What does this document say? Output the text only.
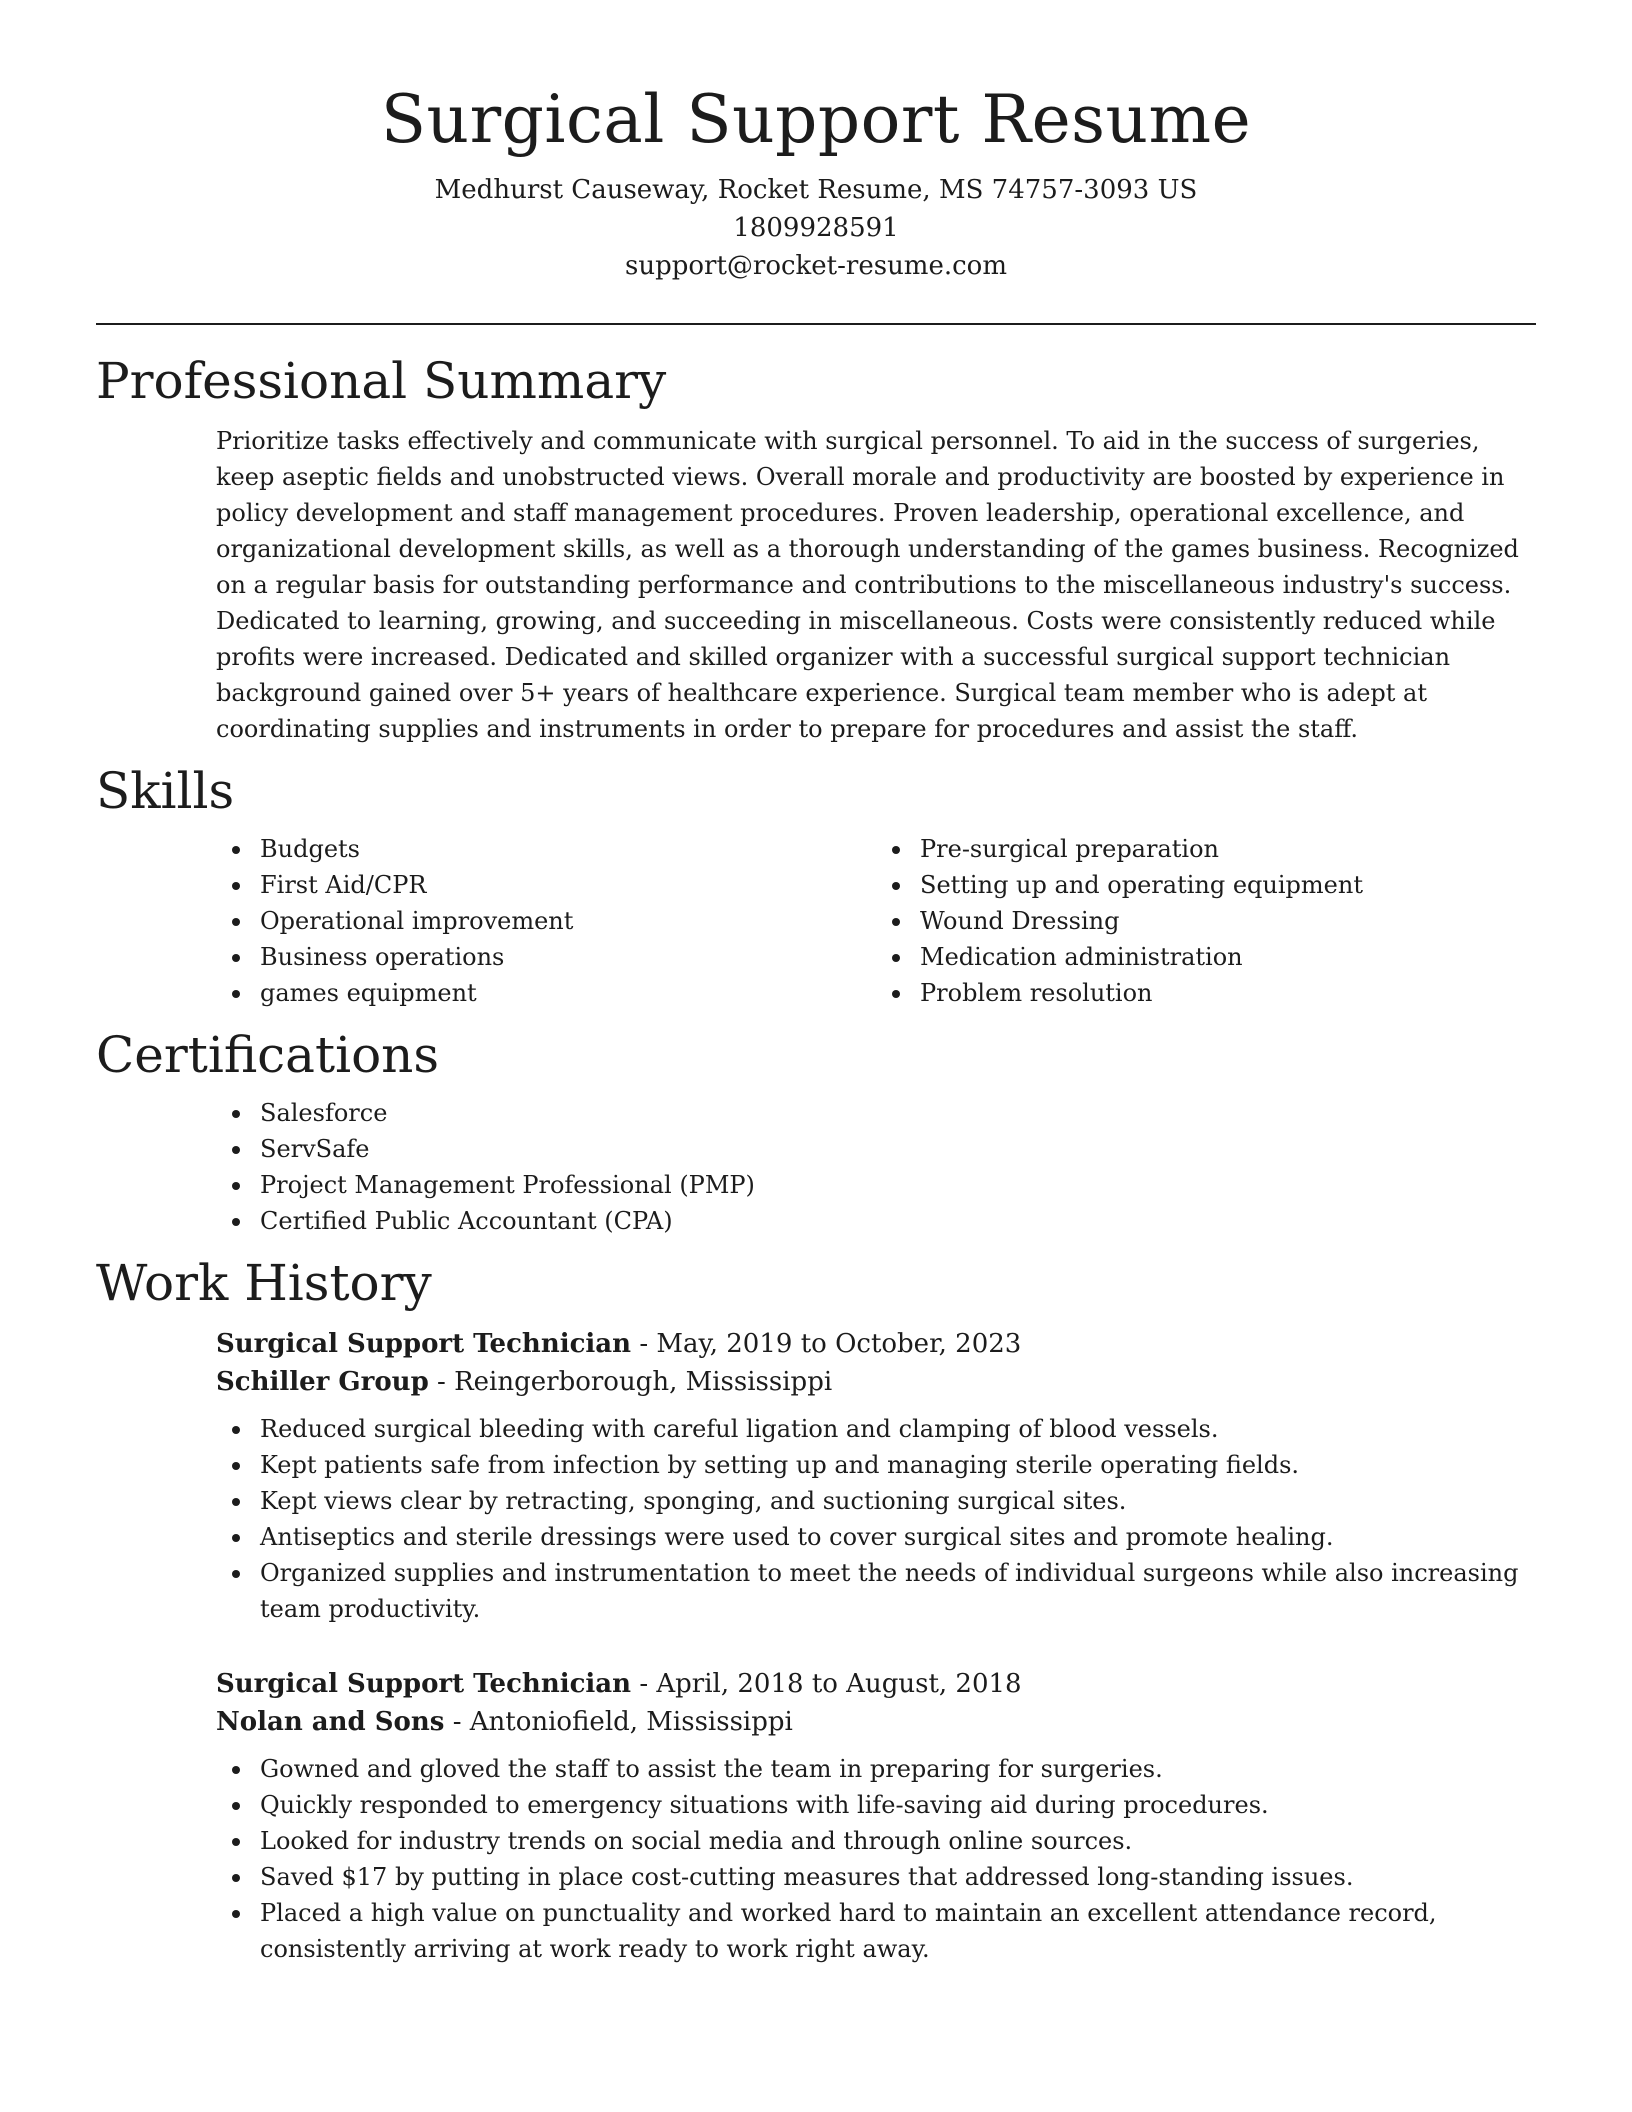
Surgical Support Resume

Medhurst Causeway, Rocket Resume, MS 74757-3093 US

1809928591

support@rocket-resume.com

Professional Summary

Prioritize tasks effectively and communicate with surgical personnel. To aid in the success of surgeries, keep aseptic fields and unobstructed views. Overall morale and productivity are boosted by experience in policy development and staff management procedures. Proven leadership, operational excellence, and organizational development skills, as well as a thorough understanding of the games business. Recognized on a regular basis for outstanding performance and contributions to the miscellaneous industry's success. Dedicated to learning, growing, and succeeding in miscellaneous. Costs were consistently reduced while profits were increased. Dedicated and skilled organizer with a successful surgical support technician background gained over 5+ years of healthcare experience. Surgical team member who is adept at coordinating supplies and instruments in order to prepare for procedures and assist the staff.

Skills
Budgets
First Aid/CPR
Operational improvement
Business operations
games equipment
Pre-surgical preparation
Setting up and operating equipment
Wound Dressing
Medication administration
Problem resolution
Certifications
Salesforce
ServSafe
Project Management Professional (PMP)
Certified Public Accountant (CPA)
Work History

Surgical Support Technician - May, 2019 to October, 2023

Schiller Group - Reingerborough, Mississippi

Reduced surgical bleeding with careful ligation and clamping of blood vessels.
Kept patients safe from infection by setting up and managing sterile operating fields.
Kept views clear by retracting, sponging, and suctioning surgical sites.
Antiseptics and sterile dressings were used to cover surgical sites and promote healing.
Organized supplies and instrumentation to meet the needs of individual surgeons while also increasing team productivity.

Surgical Support Technician - April, 2018 to August, 2018

Nolan and Sons - Antoniofield, Mississippi

Gowned and gloved the staff to assist the team in preparing for surgeries.
Quickly responded to emergency situations with life-saving aid during procedures.
Looked for industry trends on social media and through online sources.
Saved $17 by putting in place cost-cutting measures that addressed long-standing issues.
Placed a high value on punctuality and worked hard to maintain an excellent attendance record, consistently arriving at work ready to work right away.
